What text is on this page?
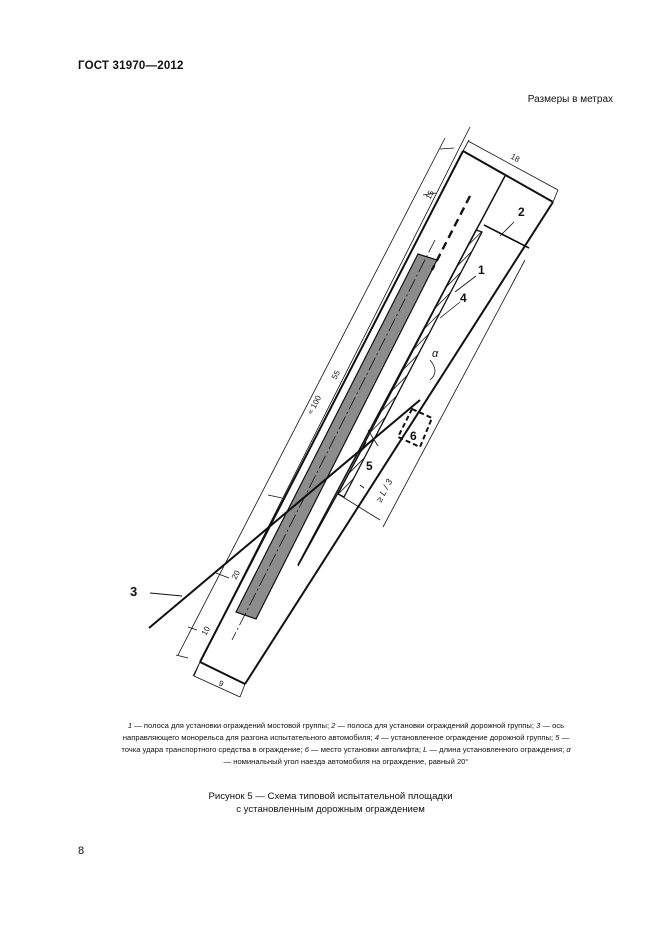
ГОСТ 31970—2012
Размеры в метрах
1
2
3
4
5
6
α
18
15
≈ 100
55
20
10
9
≥ L / 3
1 — полоса для установки ограждений мостовой группы; 2 — полоса для установки ограждений дорожной группы; 3 — ось направляющего монорельса для разгона испытательного автомобиля; 4 — установленное ограждение дорожной группы; 5 — точка удара транспортного средства в ограждение; 6 — место установки автолифта; L — длина установленного ограждения; α — номинальный угол наезда автомобиля на ограждение, равный 20°
Рисунок 5 — Схема типовой испытательной площадки
с установленным дорожным ограждением
8
